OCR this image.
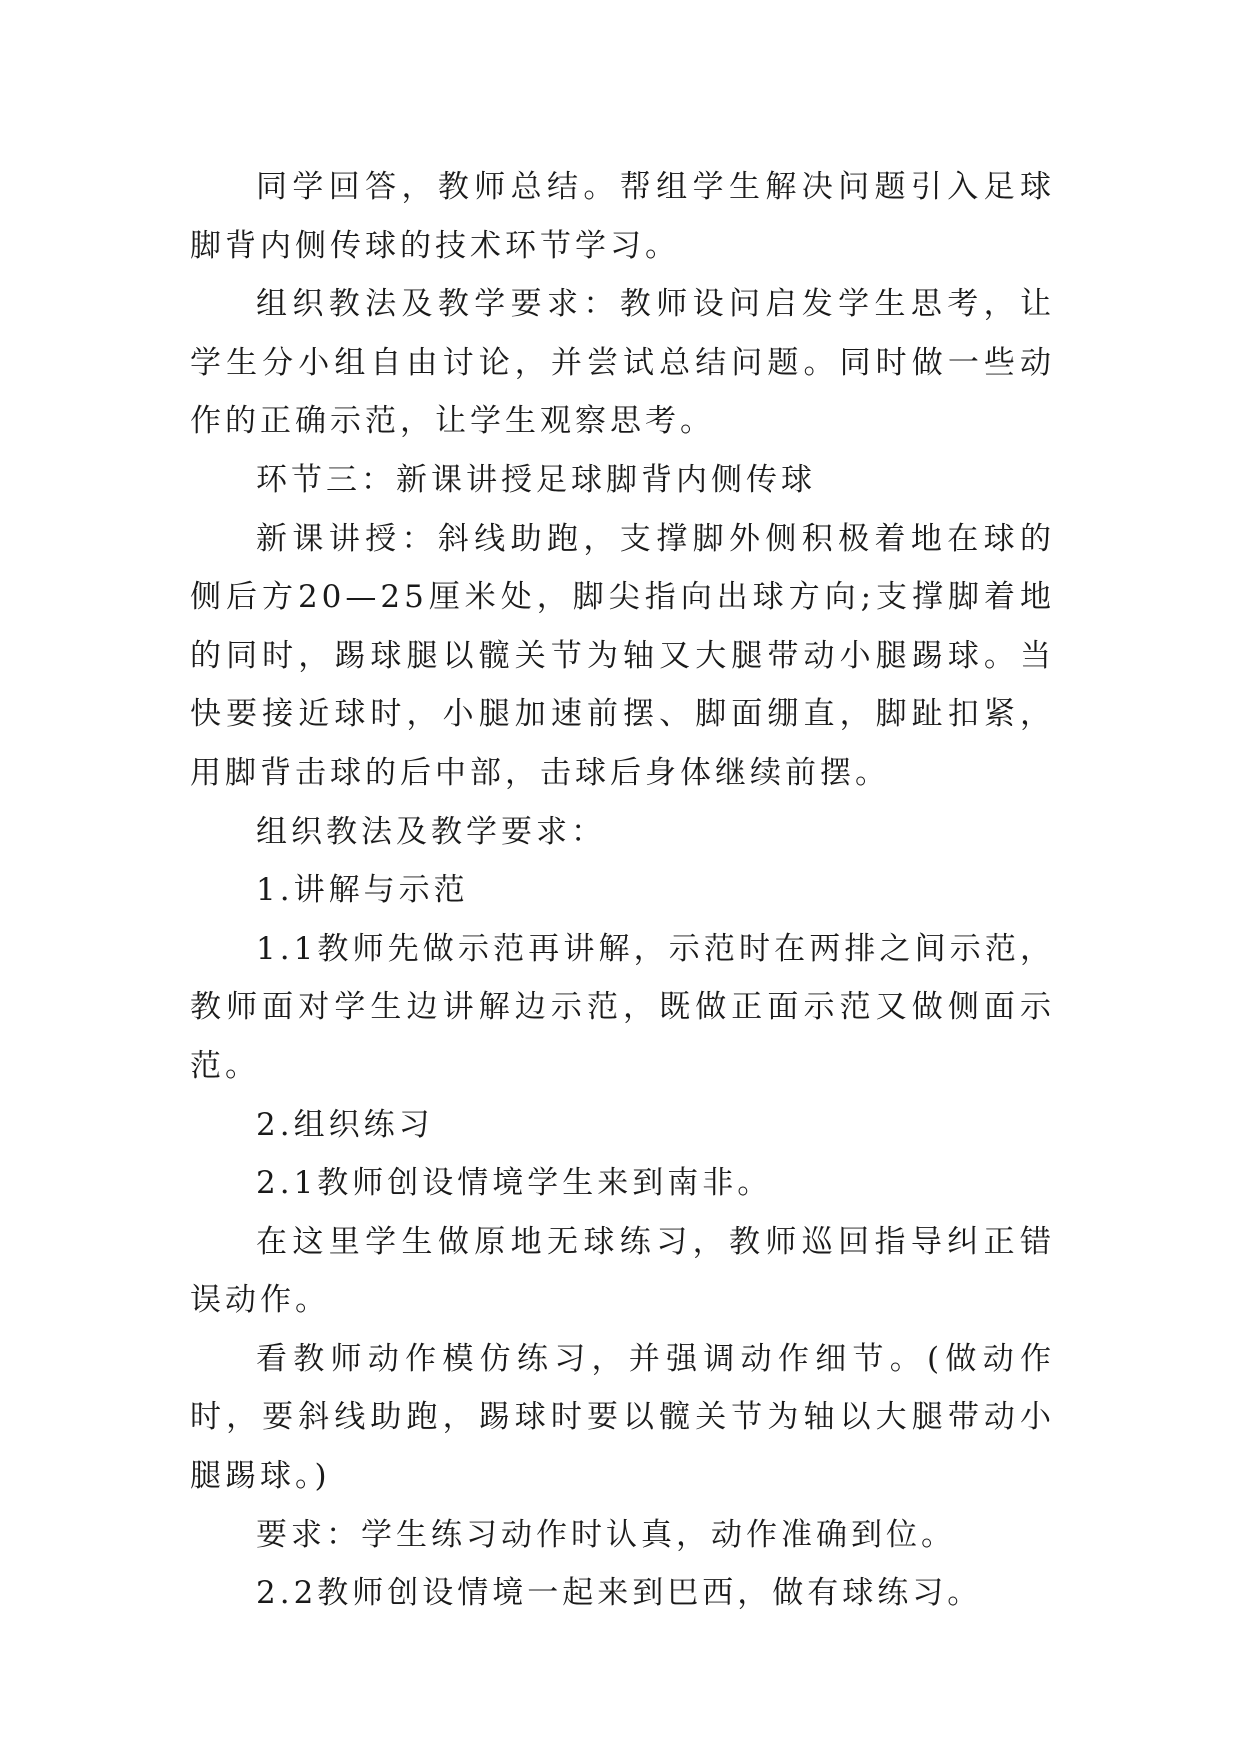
同学回答，教师总结。帮组学生解决问题引入足球脚背内侧传球的技术环节学习。

组织教法及教学要求：教师设问启发学生思考，让学生分小组自由讨论，并尝试总结问题。同时做一些动作的正确示范，让学生观察思考。

环节三：新课讲授足球脚背内侧传球

新课讲授：斜线助跑，支撑脚外侧积极着地在球的侧后方20—25厘米处，脚尖指向出球方向;支撑脚着地的同时，踢球腿以髋关节为轴又大腿带动小腿踢球。当快要接近球时，小腿加速前摆、脚面绷直，脚趾扣紧，用脚背击球的后中部，击球后身体继续前摆。

组织教法及教学要求：

1.讲解与示范

1.1教师先做示范再讲解，示范时在两排之间示范，教师面对学生边讲解边示范，既做正面示范又做侧面示范。

2.组织练习

2.1教师创设情境学生来到南非。

在这里学生做原地无球练习，教师巡回指导纠正错误动作。

看教师动作模仿练习，并强调动作细节。(做动作时，要斜线助跑，踢球时要以髋关节为轴以大腿带动小腿踢球。)

要求：学生练习动作时认真，动作准确到位。

2.2教师创设情境一起来到巴西，做有球练习。
